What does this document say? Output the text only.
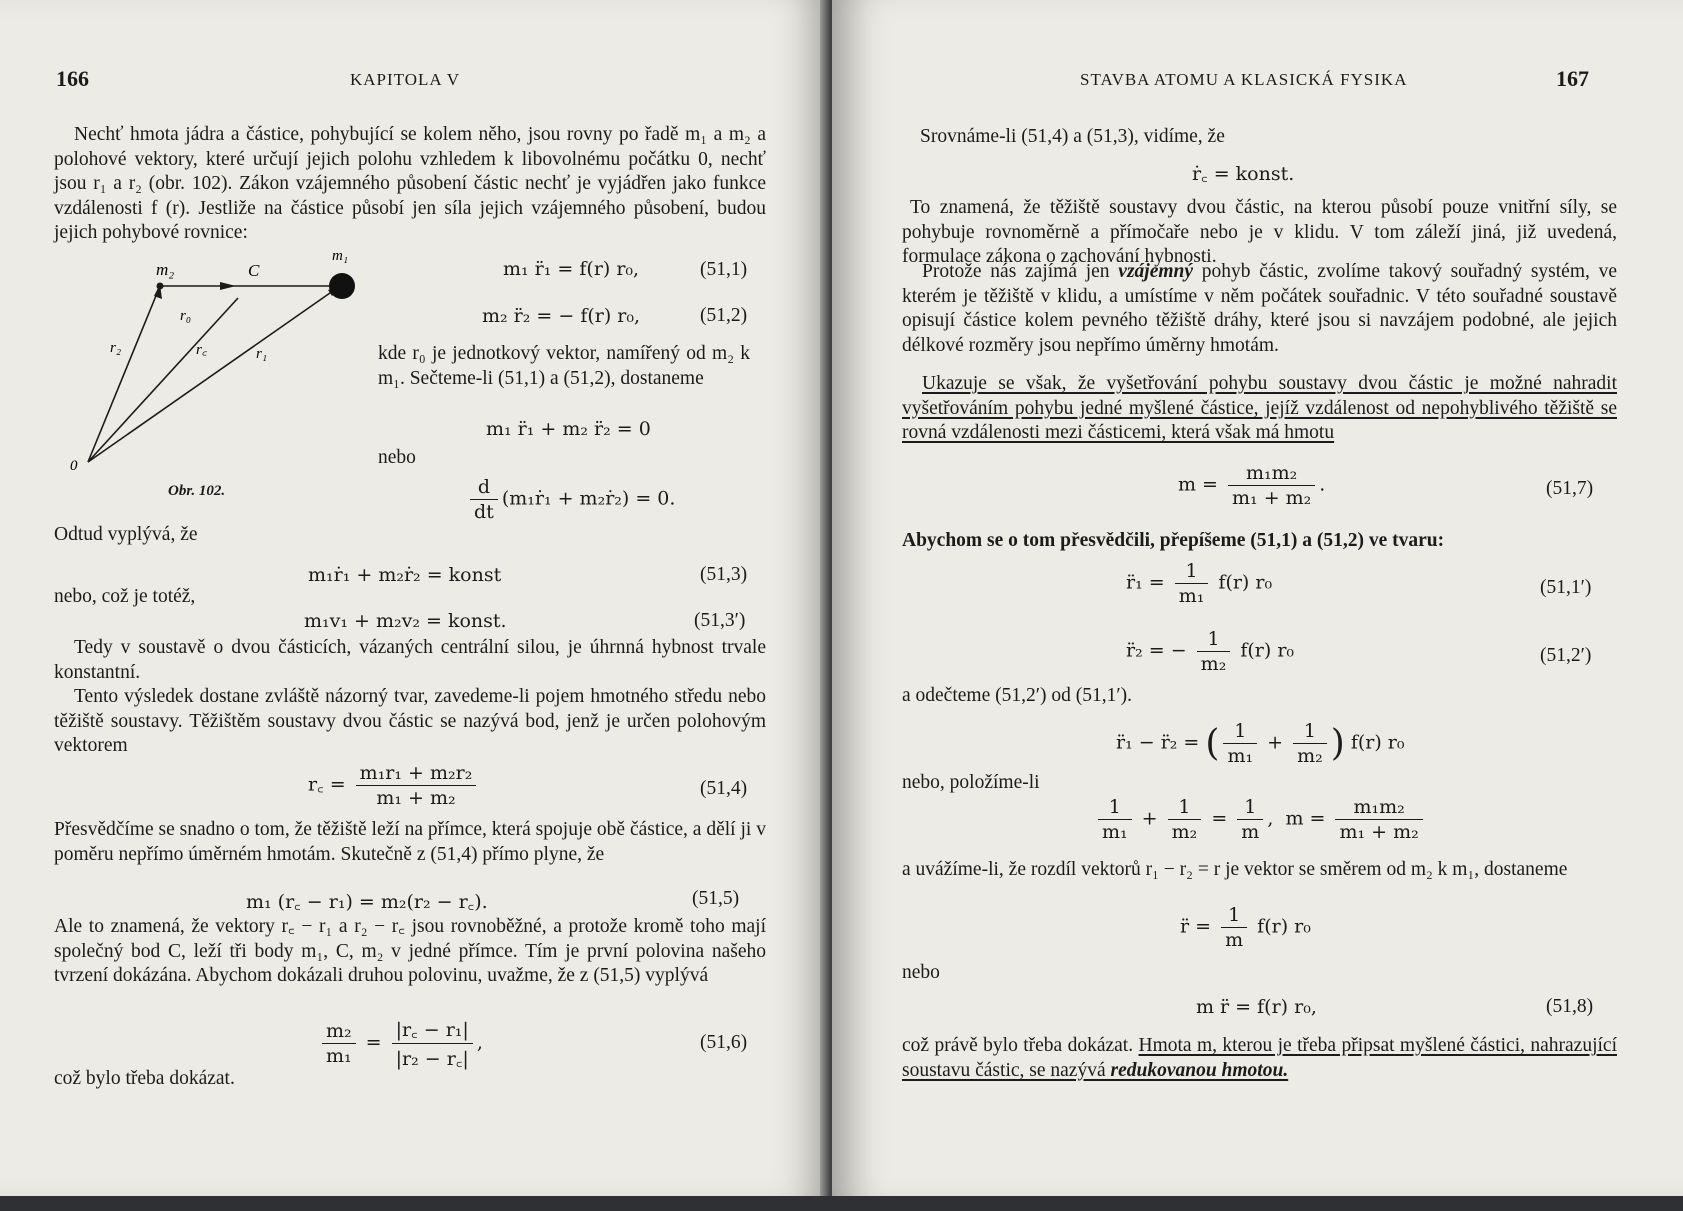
166	KAPITOLA V
Nechť hmota jádra a částice, pohybující se kolem něho, jsou rovny po řadě m₁ a m₂ a polohové vektory, které určují jejich polohu vzhledem k libovolnému počátku 0, nechť jsou r₁ a r₂ (obr. 102). Zákon vzájemného působení částic nechť je vyjádřen jako funkce vzdálenosti f (r). Jestliže na částice působí jen síla jejich vzájemného působení, budou jejich pohybové rovnice:
m₂
m₁
C
r₀
r₂	r꜀	r₁
0
Obr. 102.
m₁ r̈₁ = f(r) r₀,	(51,1)
m₂ r̈₂ = − f(r) r₀,	(51,2)
kde r₀ je jednotkový vektor, namířený od m₂ k m₁. Sečteme-li (51,1) a (51,2), dostaneme
m₁ r̈₁ + m₂ r̈₂ = 0
nebo
$\frac{d}{dt}$ (m₁ṙ₁ + m₂ṙ₂) = 0.
Odtud vyplývá, že
m₁ṙ₁ + m₂ṙ₂ = konst	(51,3)
nebo, což je totéž,
m₁v₁ + m₂v₂ = konst.	(51,3′)
Tedy v soustavě o dvou částicích, vázaných centrální silou, je úhrnná hybnost trvale konstantní.
Tento výsledek dostane zvláště názorný tvar, zavedeme-li pojem hmotného středu nebo těžiště soustavy. Těžištěm soustavy dvou částic se nazývá bod, jenž je určen polohovým vektorem
r꜀ = $\frac{\text{m₁r₁ + m₂r₂}}{\text{m₁ + m₂}}$	(51,4)
Přesvědčíme se snadno o tom, že těžiště leží na přímce, která spojuje obě částice, a dělí ji v poměru nepřímo úměrném hmotám. Skutečně z (51,4) přímo plyne, že
m₁ (r꜀ − r₁) = m₂(r₂ − r꜀).	(51,5)
Ale to znamená, že vektory r꜀ − r₁ a r₂ − r꜀ jsou rovnoběžné, a protože kromě toho mají společný bod C, leží tři body m₁, C, m₂ v jedné přímce. Tím je první polovina našeho tvrzení dokázána. Abychom dokázali druhou polovinu, uvažme, že z (51,5) vyplývá
$\frac{\text{m₂}}{\text{m₁}} = \frac{\text{|r꜀ − r₁|}}{\text{|r₂ − r꜀|}}$ ,	(51,6)
což bylo třeba dokázat.
STAVBA ATOMU A KLASICKÁ FYSIKA	167
Srovnáme-li (51,4) a (51,3), vidíme, že
ṙ꜀ = konst.
To znamená, že těžiště soustavy dvou částic, na kterou působí pouze vnitřní síly, se pohybuje rovnoměrně a přímočaře nebo je v klidu. V tom záleží jiná, již uvedená, formulace zákona o zachování hybnosti.
Protože nás zajímá jen vzájemný pohyb částic, zvolíme takový souřadný systém, ve kterém je těžiště v klidu, a umístíme v něm počátek souřadnic. V této souřadné soustavě opisují částice kolem pevného těžiště dráhy, které jsou si navzájem podobné, ale jejich délkové rozměry jsou nepřímo úměrny hmotám.
Ukazuje se však, že vyšetřování pohybu soustavy dvou částic je možné nahradit vyšetřováním pohybu jedné myšlené částice, jejíž vzdálenost od nepohyblivého těžiště se rovná vzdálenosti mezi částicemi, která však má hmotu
$m = \frac{\text{m₁m₂}}{\text{m₁ + m₂}}$ .	(51,7)
Abychom se o tom přesvědčili, přepíšeme (51,1) a (51,2) ve tvaru:
r̈₁ = $\frac{1}{\text{m₁}} f(r)$ r₀	(51,1′)
r̈₂ = − $\frac{1}{\text{m₂}} f(r)$ r₀	(51,2′)
a odečteme (51,2′) od (51,1′).
r̈₁ − r̈₂ = ( $\frac{1}{\text{m₁}} + \frac{1}{\text{m₂}}$ ) f(r) r₀
nebo, položíme-li
$\frac{1}{\text{m₁}} + \frac{1}{\text{m₂}} = \frac{1}{m}$ ,  $m = \frac{\text{m₁m₂}}{\text{m₁ + m₂}}$
a uvážíme-li, že rozdíl vektorů r₁ − r₂ = r je vektor se směrem od m₂ k m₁, dostaneme
r̈ = $\frac{1}{m} f(r)$ r₀
nebo
m r̈ = f(r) r₀,	(51,8)
což právě bylo třeba dokázat. Hmota m, kterou je třeba připsat myšlené částici, nahrazující soustavu částic, se nazývá redukovanou hmotou.
